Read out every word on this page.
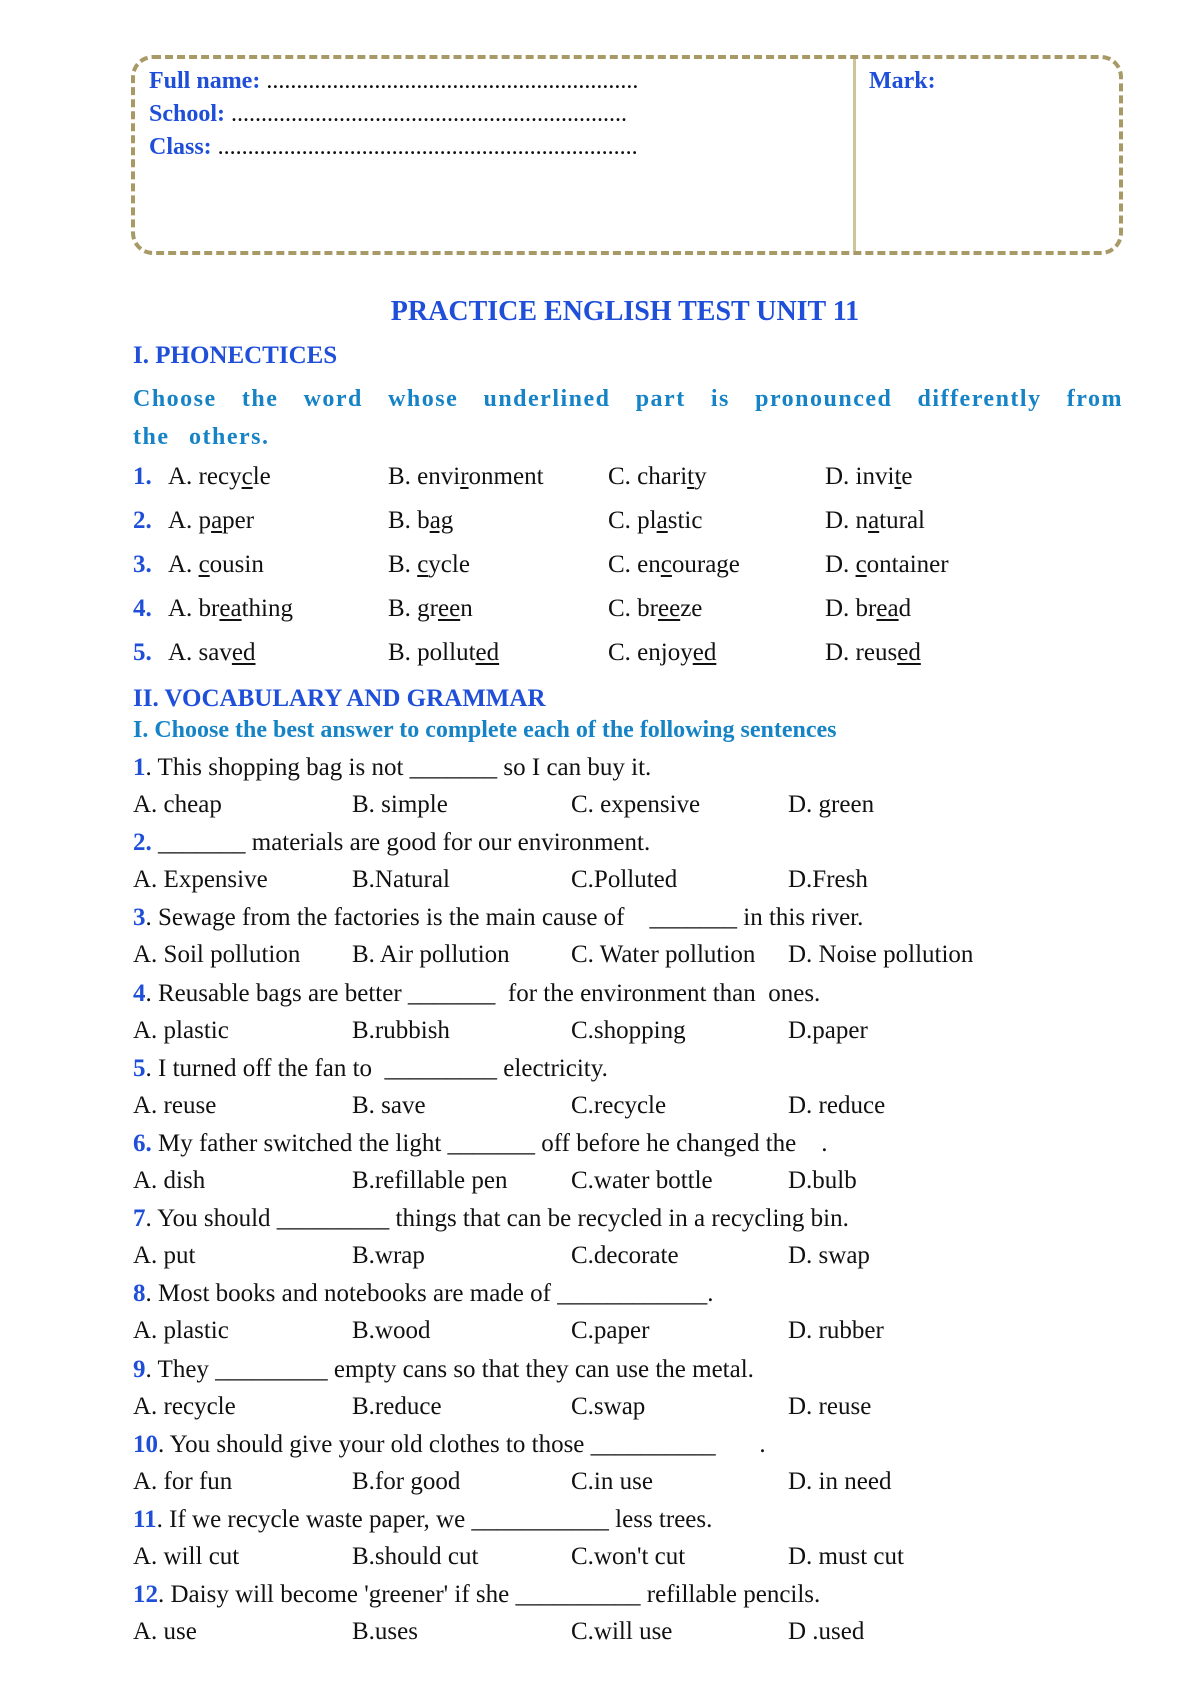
Full name: ..............................................................
School: ..................................................................
Class: ......................................................................
Mark:
PRACTICE ENGLISH TEST UNIT 11
I. PHONECTICES
Choose the word whose underlined part is pronounced differently from the others.
1. A. recycle	B. environment	C. charity	D. invite
2. A. paper	B. bag	C. plastic	D. natural
3. A. cousin	B. cycle	C. encourage	D. container
4. A. breathing	B. green	C. breeze	D. bread
5. A. saved	B. polluted	C. enjoyed	D. reused
II. VOCABULARY AND GRAMMAR
I. Choose the best answer to complete each of the following sentences
1. This shopping bag is not _______ so I can buy it.
A. cheap	B. simple	C. expensive	D. green
2. _______ materials are good for our environment.
A. Expensive	B.Natural	C.Polluted	D.Fresh
3. Sewage from the factories is the main cause of    _______ in this river.
A. Soil pollution B. Air pollution C. Water pollution D. Noise pollution
4. Reusable bags are better _______  for the environment than  ones.
A. plastic	B.rubbish	C.shopping	D.paper
5. I turned off the fan to  _________ electricity.
A. reuse	B. save	C.recycle	D. reduce
6. My father switched the light _______ off before he changed the    .
A. dish	B.refillable pen	C.water bottle	D.bulb
7. You should _________ things that can be recycled in a recycling bin.
A. put	B.wrap	C.decorate	D. swap
8. Most books and notebooks are made of ____________.
A. plastic	B.wood	C.paper	D. rubber
9. They _________ empty cans so that they can use the metal.
A. recycle	B.reduce	C.swap	D. reuse
10. You should give your old clothes to those __________       .
A. for fun	B.for good	C.in use	D. in need
11. If we recycle waste paper, we ___________ less trees.
A. will cut	B.should cut	C.won't cut	D. must cut
12. Daisy will become 'greener' if she __________ refillable pencils.
A. use	B.uses	C.will use	D .used
